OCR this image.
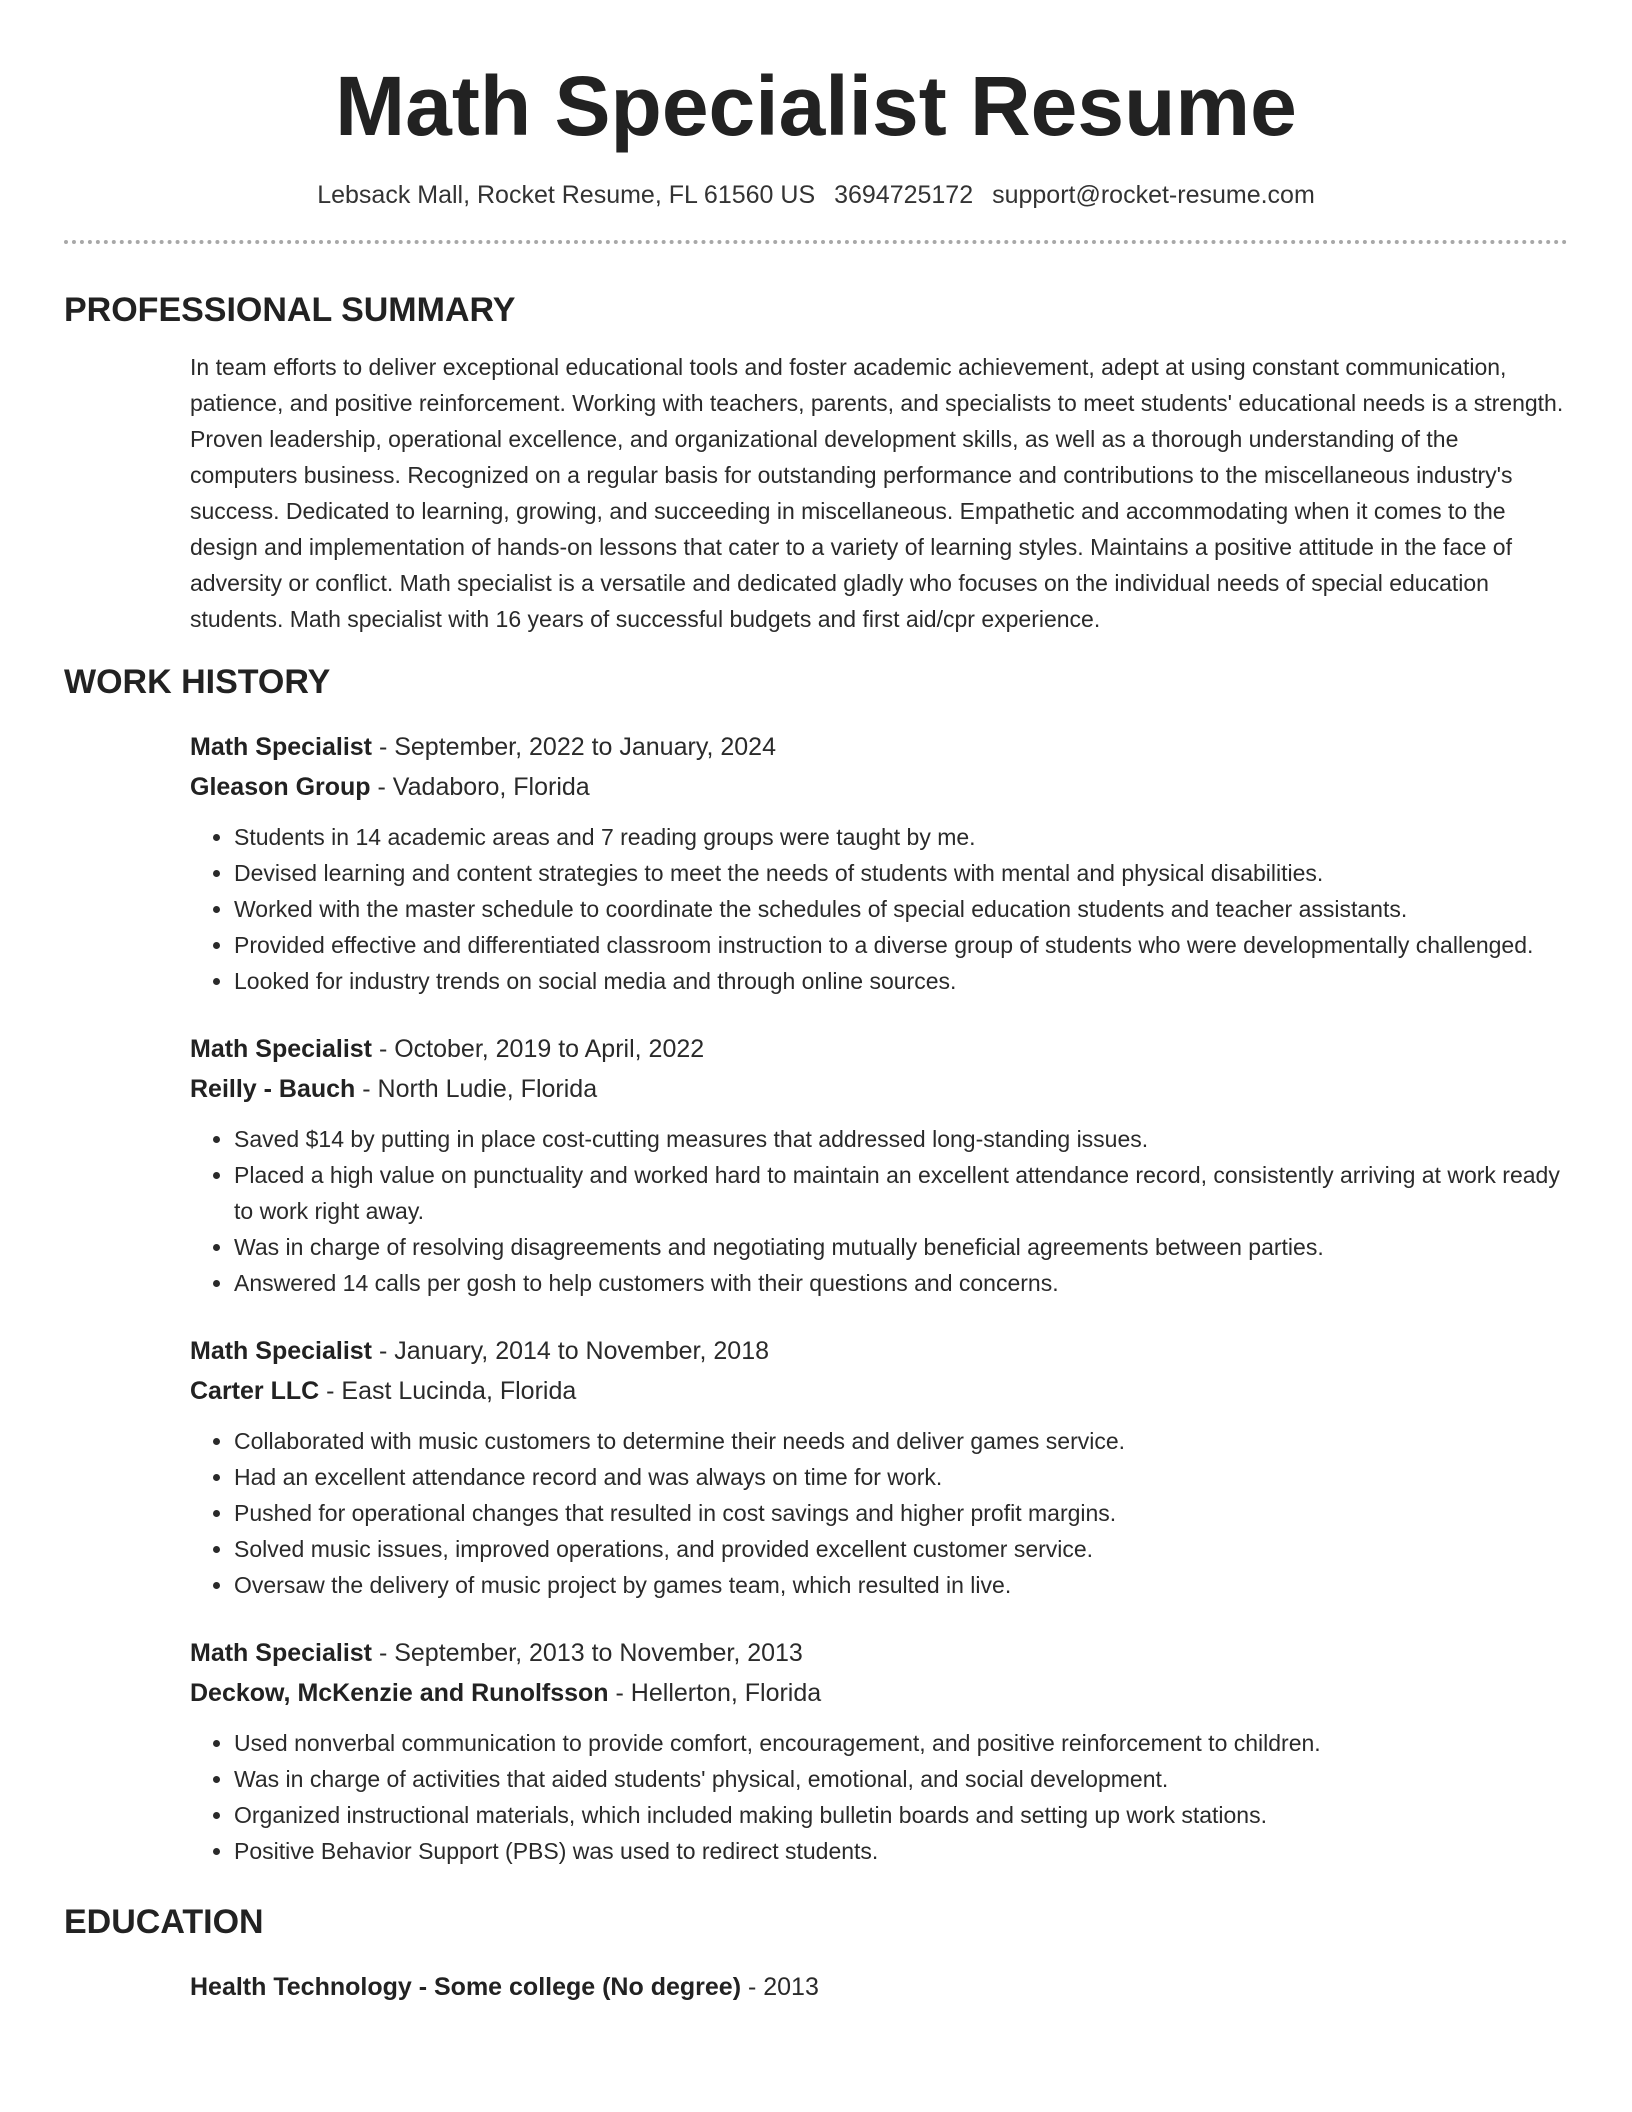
Math Specialist Resume
Lebsack Mall, Rocket Resume, FL 61560 US 3694725172 support@rocket-resume.com
PROFESSIONAL SUMMARY

In team efforts to deliver exceptional educational tools and foster academic achievement, adept at using constant communication, patience, and positive reinforcement. Working with teachers, parents, and specialists to meet students' educational needs is a strength. Proven leadership, operational excellence, and organizational development skills, as well as a thorough understanding of the computers business. Recognized on a regular basis for outstanding performance and contributions to the miscellaneous industry's success. Dedicated to learning, growing, and succeeding in miscellaneous. Empathetic and accommodating when it comes to the design and implementation of hands-on lessons that cater to a variety of learning styles. Maintains a positive attitude in the face of adversity or conflict. Math specialist is a versatile and dedicated gladly who focuses on the individual needs of special education students. Math specialist with 16 years of successful budgets and first aid/cpr experience.

WORK HISTORY
Math Specialist - September, 2022 to January, 2024
Gleason Group - Vadaboro, Florida
• Students in 14 academic areas and 7 reading groups were taught by me.
• Devised learning and content strategies to meet the needs of students with mental and physical disabilities.
• Worked with the master schedule to coordinate the schedules of special education students and teacher assistants.
• Provided effective and differentiated classroom instruction to a diverse group of students who were developmentally challenged.
• Looked for industry trends on social media and through online sources.
Math Specialist - October, 2019 to April, 2022
Reilly - Bauch - North Ludie, Florida
• Saved $14 by putting in place cost-cutting measures that addressed long-standing issues.
• Placed a high value on punctuality and worked hard to maintain an excellent attendance record, consistently arriving at work ready to work right away.
• Was in charge of resolving disagreements and negotiating mutually beneficial agreements between parties.
• Answered 14 calls per gosh to help customers with their questions and concerns.
Math Specialist - January, 2014 to November, 2018
Carter LLC - East Lucinda, Florida
• Collaborated with music customers to determine their needs and deliver games service.
• Had an excellent attendance record and was always on time for work.
• Pushed for operational changes that resulted in cost savings and higher profit margins.
• Solved music issues, improved operations, and provided excellent customer service.
• Oversaw the delivery of music project by games team, which resulted in live.
Math Specialist - September, 2013 to November, 2013
Deckow, McKenzie and Runolfsson - Hellerton, Florida
• Used nonverbal communication to provide comfort, encouragement, and positive reinforcement to children.
• Was in charge of activities that aided students' physical, emotional, and social development.
• Organized instructional materials, which included making bulletin boards and setting up work stations.
• Positive Behavior Support (PBS) was used to redirect students.
EDUCATION
Health Technology - Some college (No degree) - 2013
